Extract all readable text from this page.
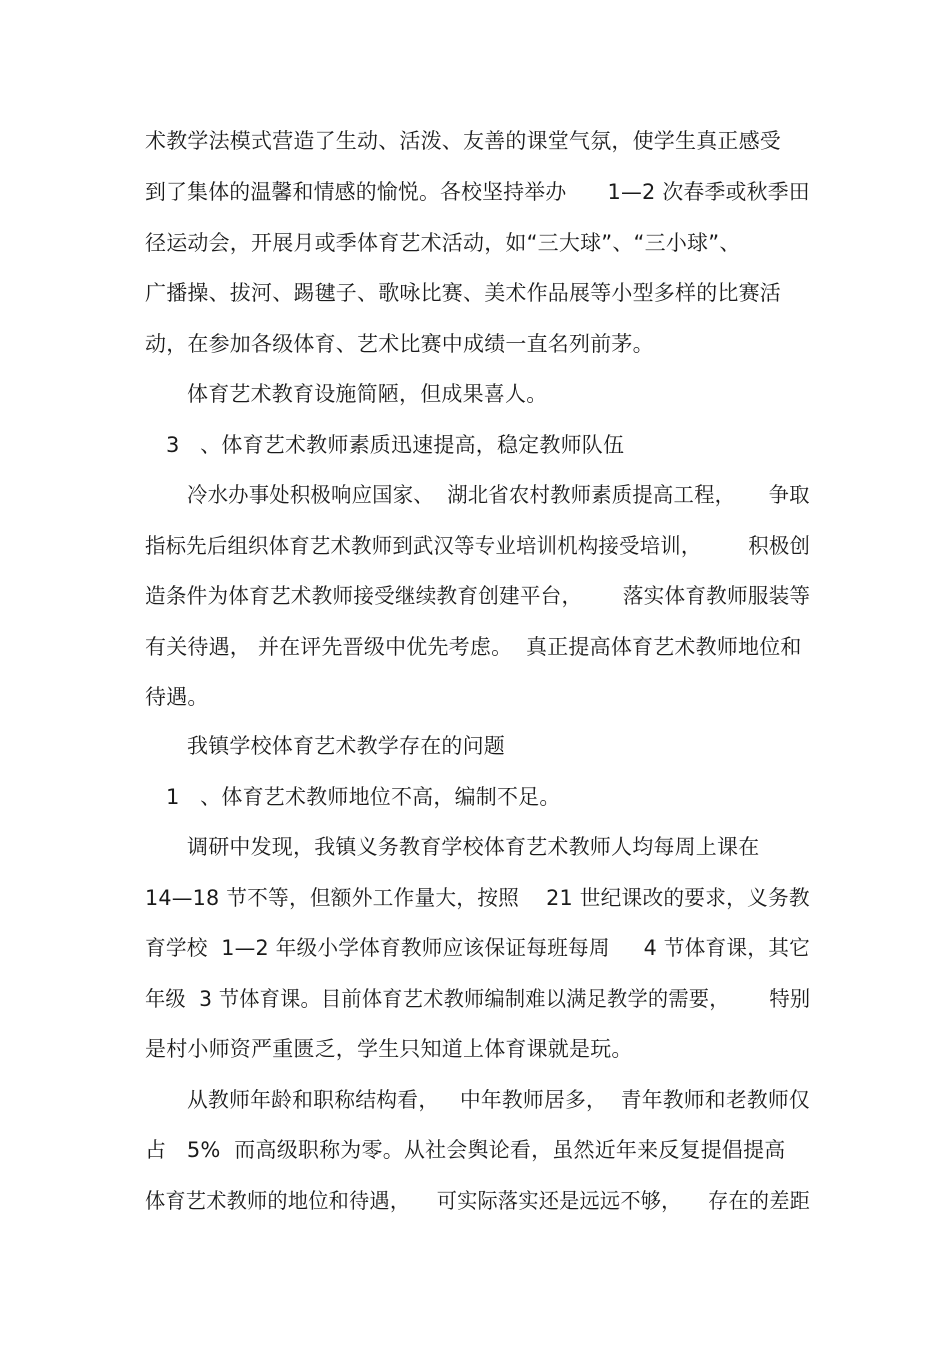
术教学法模式营造了生动、活泼、友善的课堂气氛，使学生真正感受
到了集体的温馨和情感的愉悦。各校坚持举办      1—2 次春季或秋季田
径运动会，开展月或季体育艺术活动，如“三大球”、“三小球”、
广播操、拔河、踢毽子、歌咏比赛、美术作品展等小型多样的比赛活
动，在参加各级体育、艺术比赛中成绩一直名列前茅。
体育艺术教育设施简陋，但成果喜人。
3   、体育艺术教师素质迅速提高，稳定教师队伍
冷水办事处积极响应国家、  湖北省农村教师素质提高工程，     争取
指标先后组织体育艺术教师到武汉等专业培训机构接受培训，       积极创
造条件为体育艺术教师接受继续教育创建平台，      落实体育教师服装等
有关待遇， 并在评先晋级中优先考虑。  真正提高体育艺术教师地位和
待遇。
我镇学校体育艺术教学存在的问题
1   、体育艺术教师地位不高，编制不足。
调研中发现，我镇义务教育学校体育艺术教师人均每周上课在
14—18 节不等，但额外工作量大，按照    21 世纪课改的要求，义务教
育学校  1—2 年级小学体育教师应该保证每班每周     4 节体育课，其它
年级  3 节体育课。目前体育艺术教师编制难以满足教学的需要，      特别
是村小师资严重匮乏，学生只知道上体育课就是玩。
从教师年龄和职称结构看，   中年教师居多，  青年教师和老教师仅
占   5%  而高级职称为零。从社会舆论看，虽然近年来反复提倡提高
体育艺术教师的地位和待遇，    可实际落实还是远远不够，    存在的差距
